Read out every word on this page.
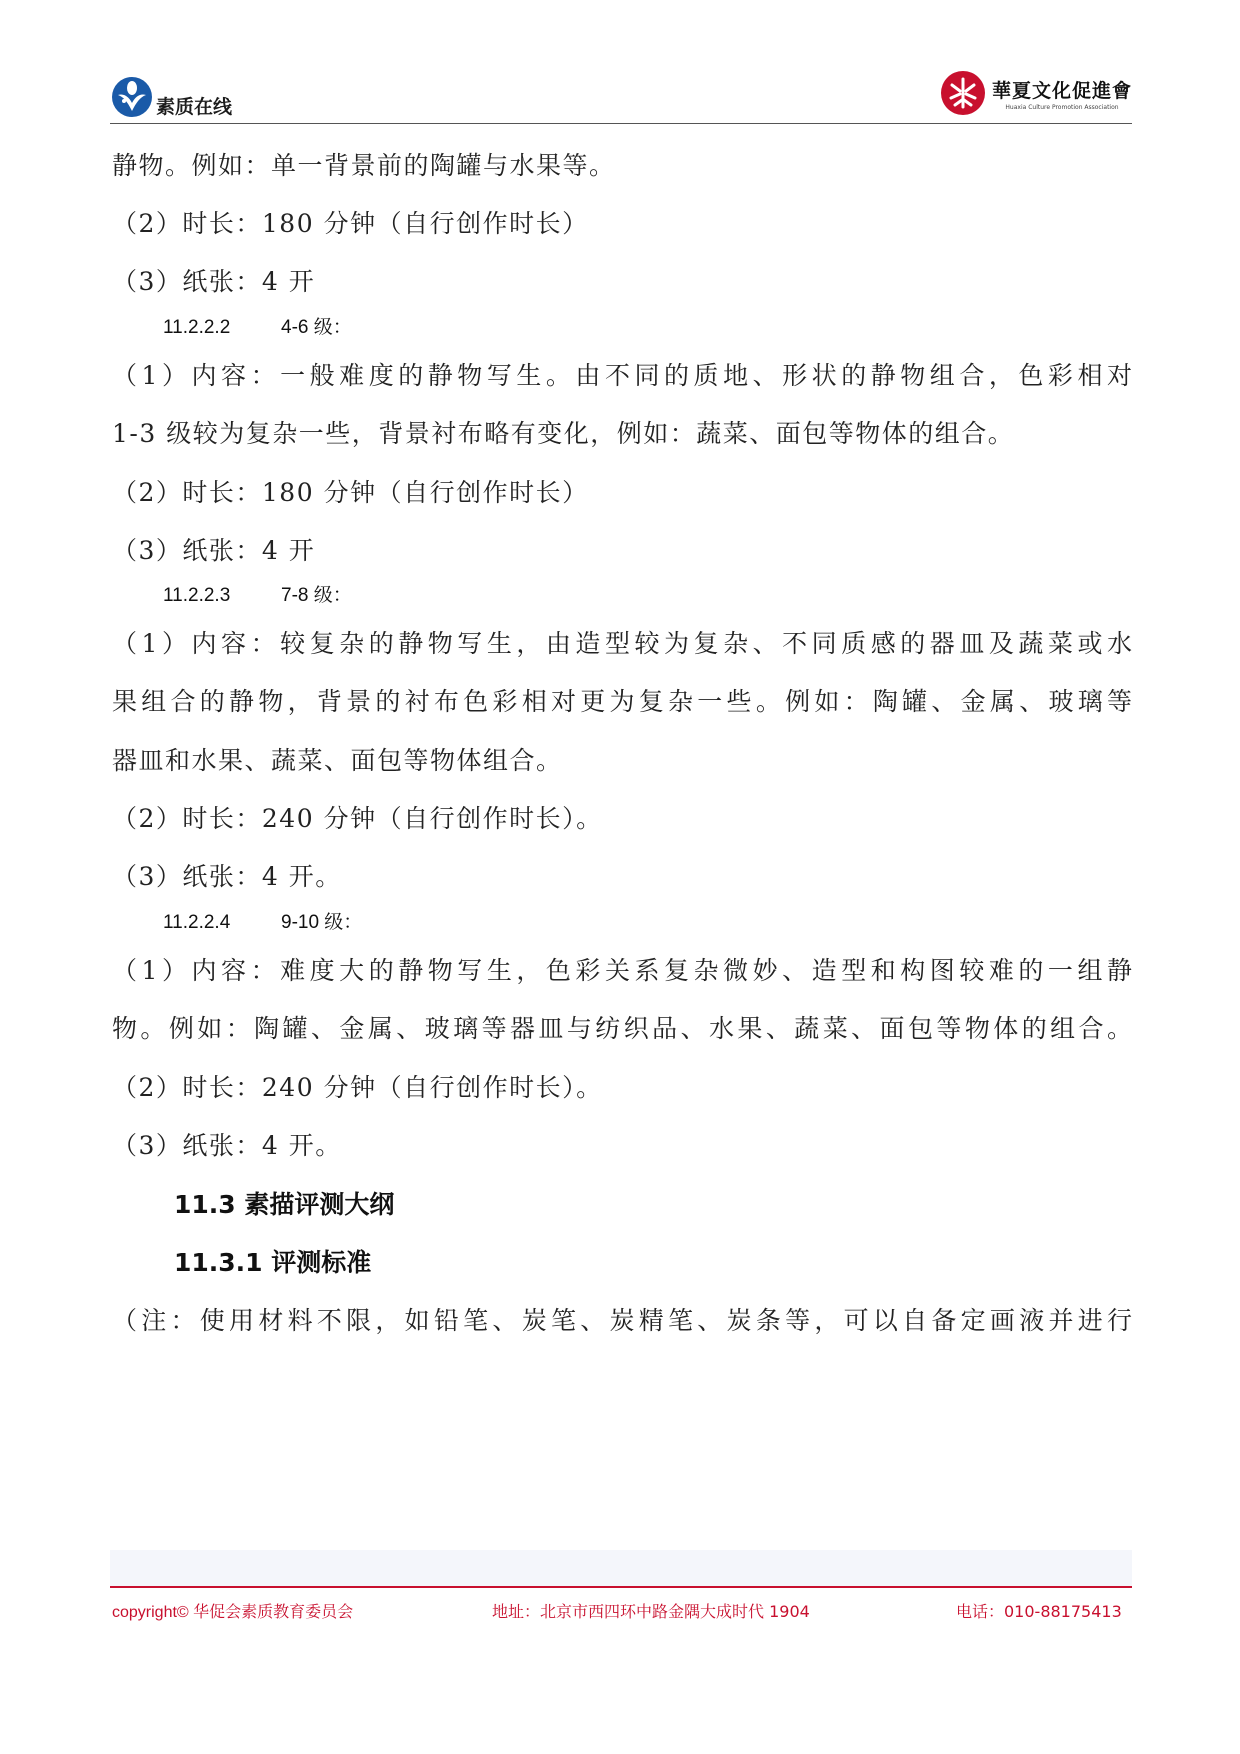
素质在线
華夏文化促進會
Huaxia Culture Promotion Association
静物。例如：单一背景前的陶罐与水果等。
（2）时长：180 分钟（自行创作时长）
（3）纸张：4 开
11.2.2.2	4-6 级：
（1）内容：一般难度的静物写生。由不同的质地、形状的静物组合，色彩相对
1-3 级较为复杂一些，背景衬布略有变化，例如：蔬菜、面包等物体的组合。
（2）时长：180 分钟（自行创作时长）
（3）纸张：4 开
11.2.2.3	7-8 级：
（1）内容：较复杂的静物写生，由造型较为复杂、不同质感的器皿及蔬菜或水
果组合的静物，背景的衬布色彩相对更为复杂一些。例如：陶罐、金属、玻璃等
器皿和水果、蔬菜、面包等物体组合。
（2）时长：240 分钟（自行创作时长）。
（3）纸张：4 开。
11.2.2.4	9-10 级：
（1）内容：难度大的静物写生，色彩关系复杂微妙、造型和构图较难的一组静
物。例如：陶罐、金属、玻璃等器皿与纺织品、水果、蔬菜、面包等物体的组合。
（2）时长：240 分钟（自行创作时长）。
（3）纸张：4 开。
11.3 素描评测大纲
11.3.1 评测标准
（注：使用材料不限，如铅笔、炭笔、炭精笔、炭条等，可以自备定画液并进行
copyright© 华促会素质教育委员会	地址：北京市西四环中路金隅大成时代 1904	电话：010-88175413
